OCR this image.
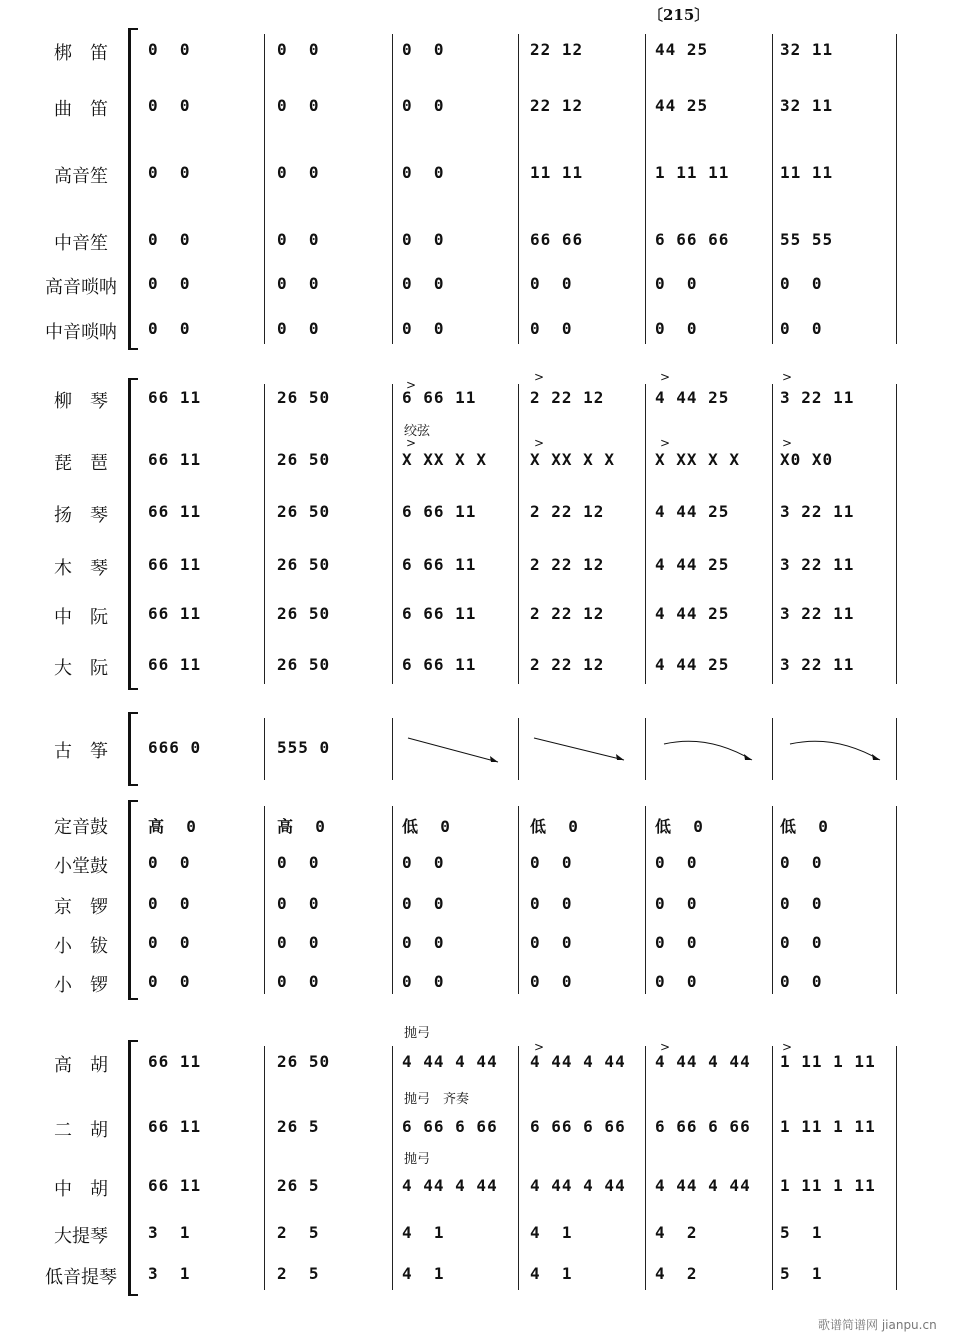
〔215〕
梆　笛	0  0	0  0	0  0	22 12	44 25	32 11
曲　笛	0  0	0  0	0  0	22 12	44 25	32 11
高音笙	0  0	0  0	0  0	11 11	1 11 11	11 11
中音笙	0  0	0  0	0  0	66 66	6 66 66	55 55
高音唢呐	0  0	0  0	0  0	0  0	0  0	0  0
中音唢呐	0  0	0  0	0  0	0  0	0  0	0  0
柳　琴	66 11	26 50	6 66 11	2 22 12	4 44 25	3 22 11
琵　琶	66 11	26 50	X XX X X	X XX X X	X XX X X	X0 X0
扬　琴	66 11	26 50	6 66 11	2 22 12	4 44 25	3 22 11
木　琴	66 11	26 50	6 66 11	2 22 12	4 44 25	3 22 11
中　阮	66 11	26 50	6 66 11	2 22 12	4 44 25	3 22 11
大　阮	66 11	26 50	6 66 11	2 22 12	4 44 25	3 22 11
古　筝	666 0	555 0
定音鼓	高  0	高  0	低  0	低  0	低  0	低  0
小堂鼓	0  0	0  0	0  0	0  0	0  0	0  0
京　锣	0  0	0  0	0  0	0  0	0  0	0  0
小　钹	0  0	0  0	0  0	0  0	0  0	0  0
小　锣	0  0	0  0	0  0	0  0	0  0	0  0
高　胡	66 11	26 50	4 44 4 44	4 44 4 44	4 44 4 44	1 11 1 11
二　胡	66 11	26 5	6 66 6 66	6 66 6 66	6 66 6 66	1 11 1 11
中　胡	66 11	26 5	4 44 4 44	4 44 4 44	4 44 4 44	1 11 1 11
大提琴	3  1	2  5	4  1	4  1	4  2	5  1
低音提琴	3  1	2  5	4  1	4  1	4  2	5  1
绞弦
抛弓
抛弓　齐奏
抛弓
>
>	>	>
>	>	>	>
>	>	>
歌谱简谱网 jianpu.cn
